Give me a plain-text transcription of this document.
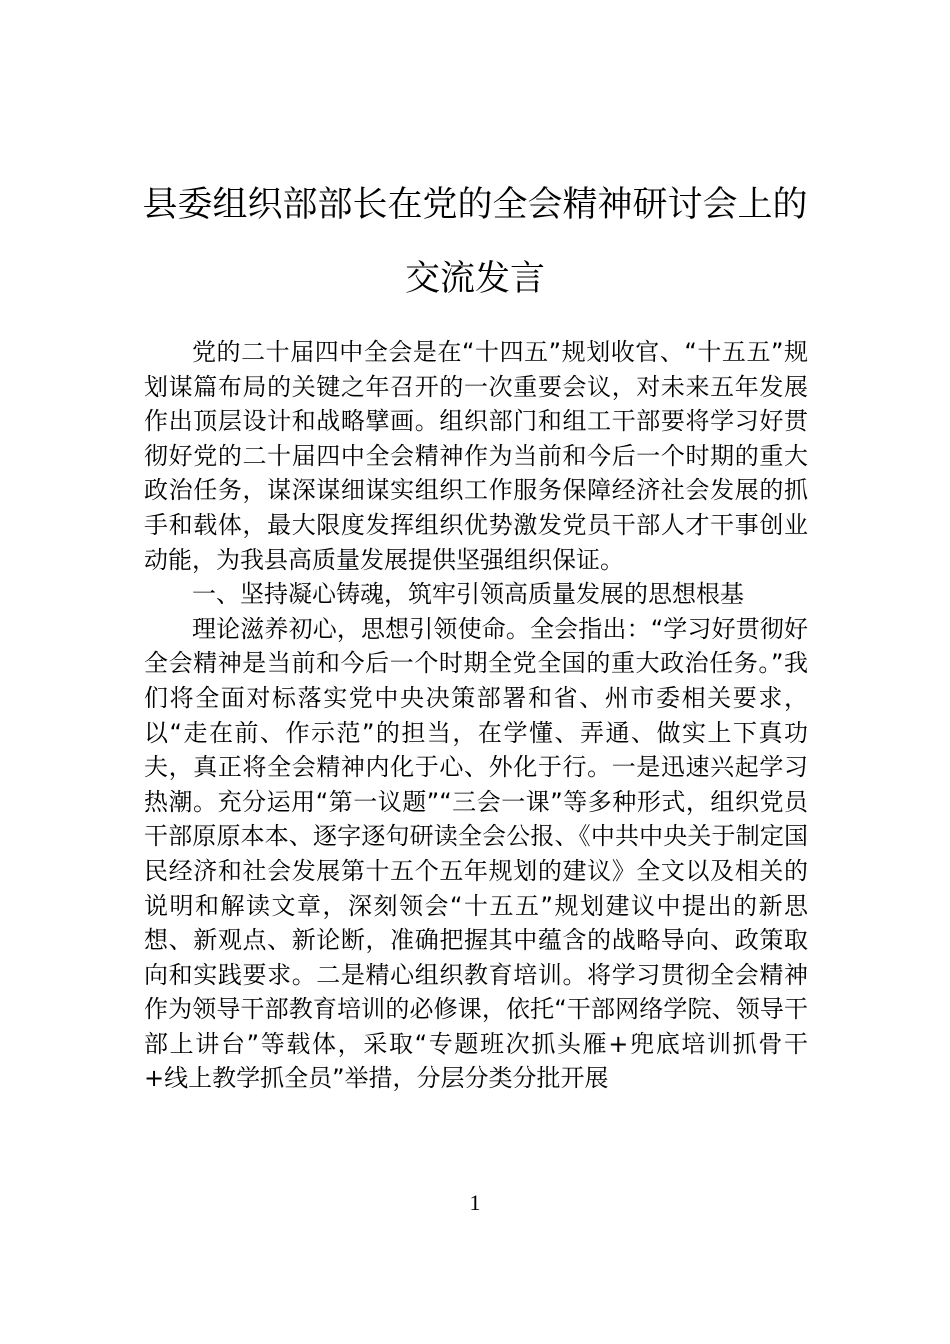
县委组织部部长在党的全会精神研讨会上的交流发言

党的二十届四中全会是在“十四五”规划收官、“十五五”规划谋篇布局的关键之年召开的一次重要会议，对未来五年发展作出顶层设计和战略擘画。组织部门和组工干部要将学习好贯彻好党的二十届四中全会精神作为当前和今后一个时期的重大政治任务，谋深谋细谋实组织工作服务保障经济社会发展的抓手和载体，最大限度发挥组织优势激发党员干部人才干事创业动能，为我县高质量发展提供坚强组织保证。

一、坚持凝心铸魂，筑牢引领高质量发展的思想根基

理论滋养初心，思想引领使命。全会指出：“学习好贯彻好全会精神是当前和今后一个时期全党全国的重大政治任务。”我们将全面对标落实党中央决策部署和省、州市委相关要求，以“走在前、作示范”的担当，在学懂、弄通、做实上下真功夫，真正将全会精神内化于心、外化于行。一是迅速兴起学习热潮。充分运用“第一议题”“三会一课”等多种形式，组织党员干部原原本本、逐字逐句研读全会公报、《中共中央关于制定国民经济和社会发展第十五个五年规划的建议》全文以及相关的说明和解读文章，深刻领会“十五五”规划建议中提出的新思想、新观点、新论断，准确把握其中蕴含的战略导向、政策取向和实践要求。二是精心组织教育培训。将学习贯彻全会精神作为领导干部教育培训的必修课，依托“干部网络学院、领导干部上讲台”等载体，采取“专题班次抓头雁+兜底培训抓骨干+线上教学抓全员”举措，分层分类分批开展

1
